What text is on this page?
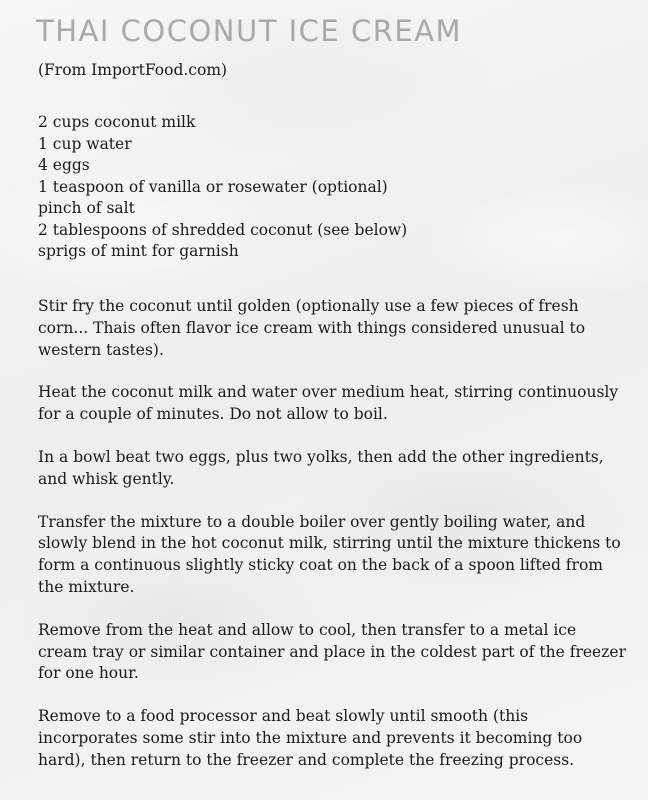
THAI COCONUT ICE CREAM

(From ImportFood.com)

2 cups coconut milk
1 cup water
4 eggs
1 teaspoon of vanilla or rosewater (optional)
pinch of salt
2 tablespoons of shredded coconut (see below)
sprigs of mint for garnish

Stir fry the coconut until golden (optionally use a few pieces of fresh corn... Thais often flavor ice cream with things considered unusual to western tastes).

Heat the coconut milk and water over medium heat, stirring continuously for a couple of minutes. Do not allow to boil.

In a bowl beat two eggs, plus two yolks, then add the other ingredients, and whisk gently.

Transfer the mixture to a double boiler over gently boiling water, and slowly blend in the hot coconut milk, stirring until the mixture thickens to form a continuous slightly sticky coat on the back of a spoon lifted from the mixture.

Remove from the heat and allow to cool, then transfer to a metal ice cream tray or similar container and place in the coldest part of the freezer for one hour.

Remove to a food processor and beat slowly until smooth (this incorporates some stir into the mixture and prevents it becoming too hard), then return to the freezer and complete the freezing process.
